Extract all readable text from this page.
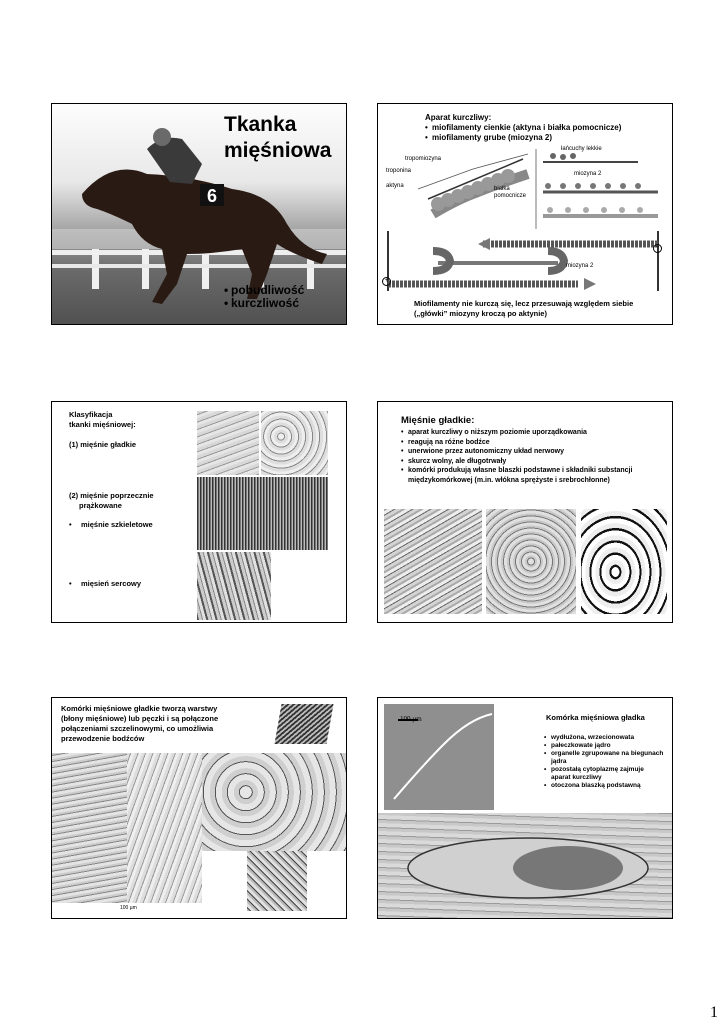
6
Tkanka
mięśniowa
• pobudliwość
• kurczliwość
Aparat kurczliwy:
• miofilamenty cienkie (aktyna i białka pomocnicze)
• miofilamenty grube (miozyna 2)
tropomiozyna
troponina
aktyna	białka pomocnicze
łańcuchy lekkie
miozyna 2
+
+
miozyna 2
Miofilamenty nie kurczą się, lecz przesuwają względem siebie („główki” miozyny kroczą po aktynie)
Klasyfikacja
tkanki mięśniowej:
(1) mięśnie gładkie
(2) mięśnie poprzecznie
prążkowane
• mięśnie szkieletowe
• mięsień sercowy
Mięśnie gładkie:
• aparat kurczliwy o niższym poziomie uporządkowania
• reagują na różne bodźce
• unerwione przez autonomiczny układ nerwowy
• skurcz wolny, ale długotrwały
• komórki produkują własne blaszki podstawne i składniki substancji międzykomórkowej (m.in. włókna sprężyste i srebrochłonne)
Komórki mięśniowe gładkie tworzą warstwy (błony mięśniowe) lub pęczki i są połączone połączeniami szczelinowymi, co umożliwia przewodzenie bodźców
100 µm
100 µm	Komórka mięśniowa gładka
• wydłużona, wrzecionowata
• pałeczkowate jądro
• organelle zgrupowane na biegunach jądra
• pozostałą cytoplazmę zajmuje aparat kurczliwy
• otoczona blaszką podstawną
1
